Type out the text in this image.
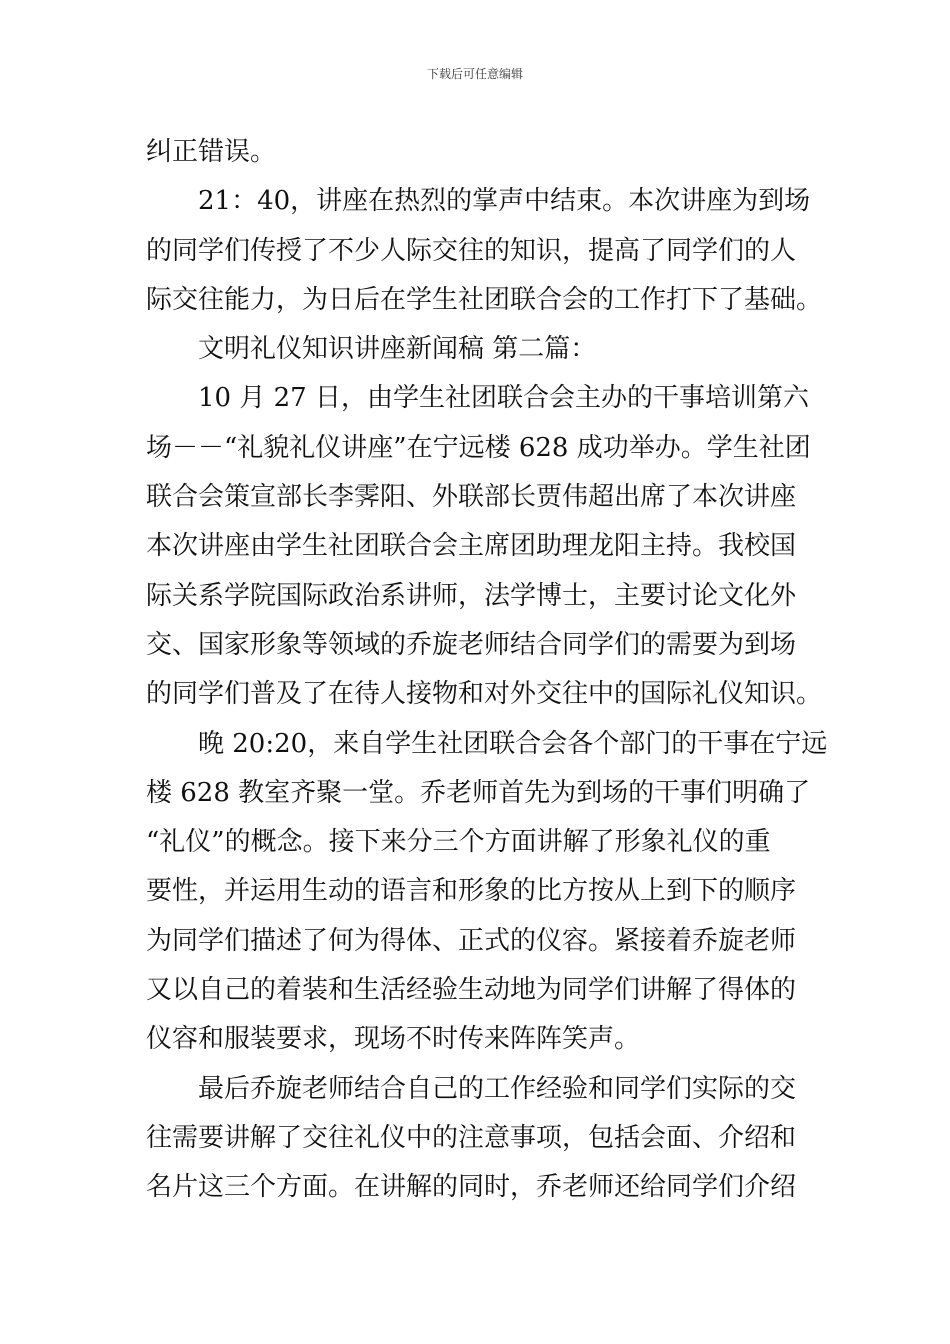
下载后可任意编辑
纠正错误。
21：40，讲座在热烈的掌声中结束。本次讲座为到场
的同学们传授了不少人际交往的知识，提高了同学们的人
际交往能力，为日后在学生社团联合会的工作打下了基础。
文明礼仪知识讲座新闻稿 第二篇：
10 月 27 日，由学生社团联合会主办的干事培训第六
场－－“礼貌礼仪讲座”在宁远楼 628 成功举办。学生社团
联合会策宣部长李霁阳、外联部长贾伟超出席了本次讲座
本次讲座由学生社团联合会主席团助理龙阳主持。我校国
际关系学院国际政治系讲师，法学博士，主要讨论文化外
交、国家形象等领域的乔旋老师结合同学们的需要为到场
的同学们普及了在待人接物和对外交往中的国际礼仪知识。
晚 20:20，来自学生社团联合会各个部门的干事在宁远
楼 628 教室齐聚一堂。乔老师首先为到场的干事们明确了
“礼仪”的概念。接下来分三个方面讲解了形象礼仪的重
要性，并运用生动的语言和形象的比方按从上到下的顺序
为同学们描述了何为得体、正式的仪容。紧接着乔旋老师
又以自己的着装和生活经验生动地为同学们讲解了得体的
仪容和服装要求，现场不时传来阵阵笑声。
最后乔旋老师结合自己的工作经验和同学们实际的交
往需要讲解了交往礼仪中的注意事项，包括会面、介绍和
名片这三个方面。在讲解的同时，乔老师还给同学们介绍
